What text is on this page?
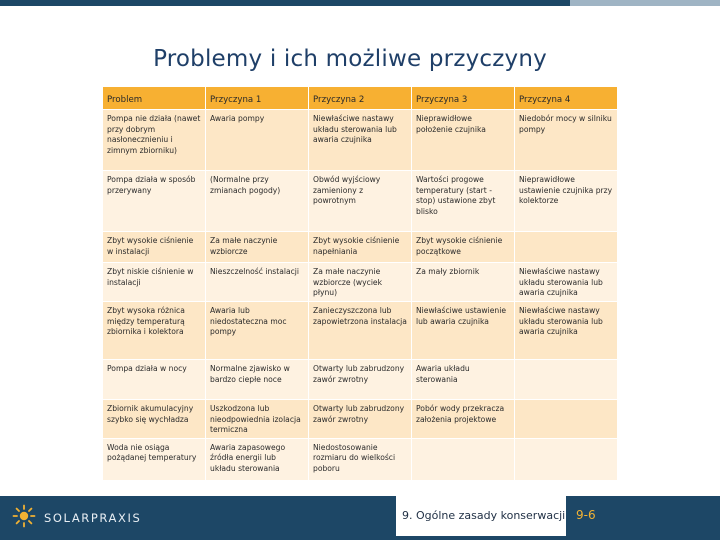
Problemy i ich możliwe przyczyny
Problem	Przyczyna 1	Przyczyna 2	Przyczyna 3	Przyczyna 4
Pompa nie działa (nawet przy dobrym nasłonecznieniu i zimnym zbiorniku)	Awaria pompy	Niewłaściwe nastawy układu sterowania lub awaria czujnika	Nieprawidłowe położenie czujnika	Niedobór mocy w silniku pompy
Pompa działa w sposób przerywany	(Normalne przy zmianach pogody)	Obwód wyjściowy zamieniony z powrotnym	Wartości progowe temperatury (start - stop) ustawione zbyt blisko	Nieprawidłowe ustawienie czujnika przy kolektorze
Zbyt wysokie ciśnienie w instalacji	Za małe naczynie wzbiorcze	Zbyt wysokie ciśnienie napełniania	Zbyt wysokie ciśnienie początkowe	
Zbyt niskie ciśnienie w instalacji	Nieszczelność instalacji	Za małe naczynie wzbiorcze (wyciek płynu)	Za mały zbiornik	Niewłaściwe nastawy układu sterowania lub awaria czujnika
Zbyt wysoka różnica między temperaturą zbiornika i kolektora	Awaria lub niedostateczna moc pompy	Zanieczyszczona lub zapowietrzona instalacja	Niewłaściwe ustawienie lub awaria czujnika	Niewłaściwe nastawy układu sterowania lub awaria czujnika
Pompa działa w nocy	Normalne zjawisko w bardzo ciepłe noce	Otwarty lub zabrudzony zawór zwrotny	Awaria układu sterowania	
Zbiornik akumulacyjny szybko się wychładza	Uszkodzona lub nieodpowiednia izolacja termiczna	Otwarty lub zabrudzony zawór zwrotny	Pobór wody przekracza założenia projektowe	
Woda nie osiąga pożądanej temperatury	Awaria zapasowego źródła energii lub układu sterowania	Niedostosowanie rozmiaru do wielkości poboru		
SOLARPRAXIS	9. Ogólne zasady konserwacji 9-6
